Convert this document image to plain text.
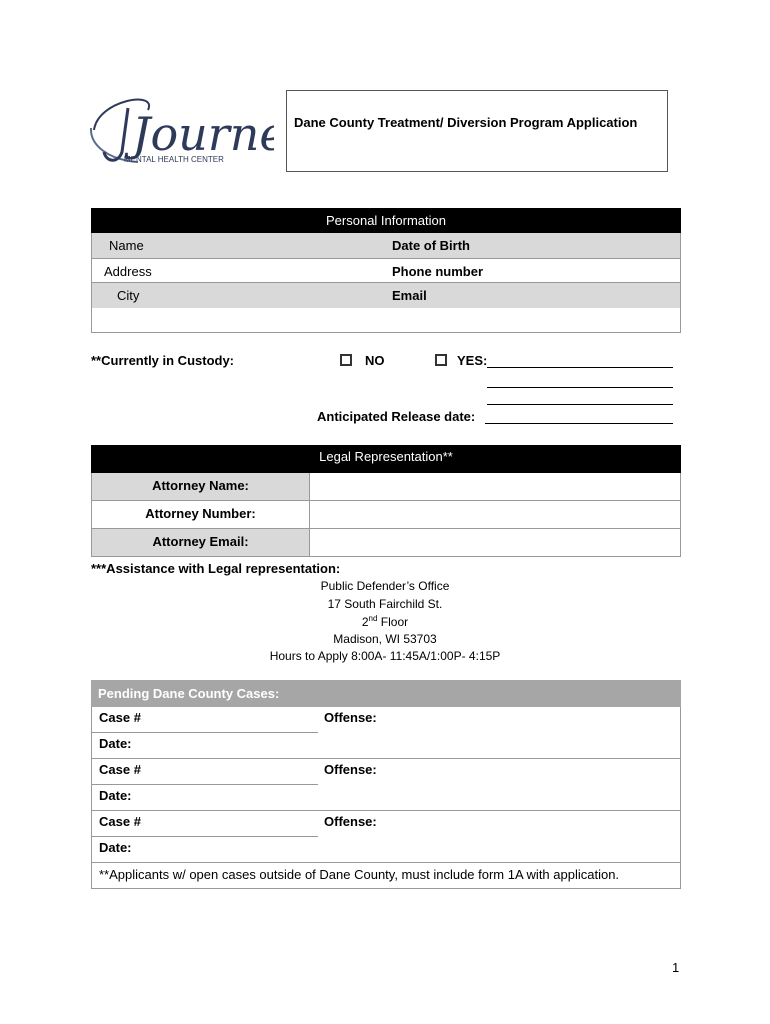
Journ
MENTAL HEALTH CENTER
Dane County Treatment/ Diversion Program Application
Personal Information
Name	Date of Birth
Address	Phone number
City	Email
**Currently in Custody:	NO	YES:
Anticipated Release date:
Legal Representation**
Attorney Name:
Attorney Number:
Attorney Email:
***Assistance with Legal representation:
Public Defender’s Office
17 South Fairchild St.
2nd Floor
Madison, WI 53703
Hours to Apply 8:00A- 11:45A/1:00P- 4:15P
Pending Dane County Cases:
Case #	Offense:
Date:
Case #	Offense:
Date:
Case #	Offense:
Date:
**Applicants w/ open cases outside of Dane County, must include form 1A with application.
1
